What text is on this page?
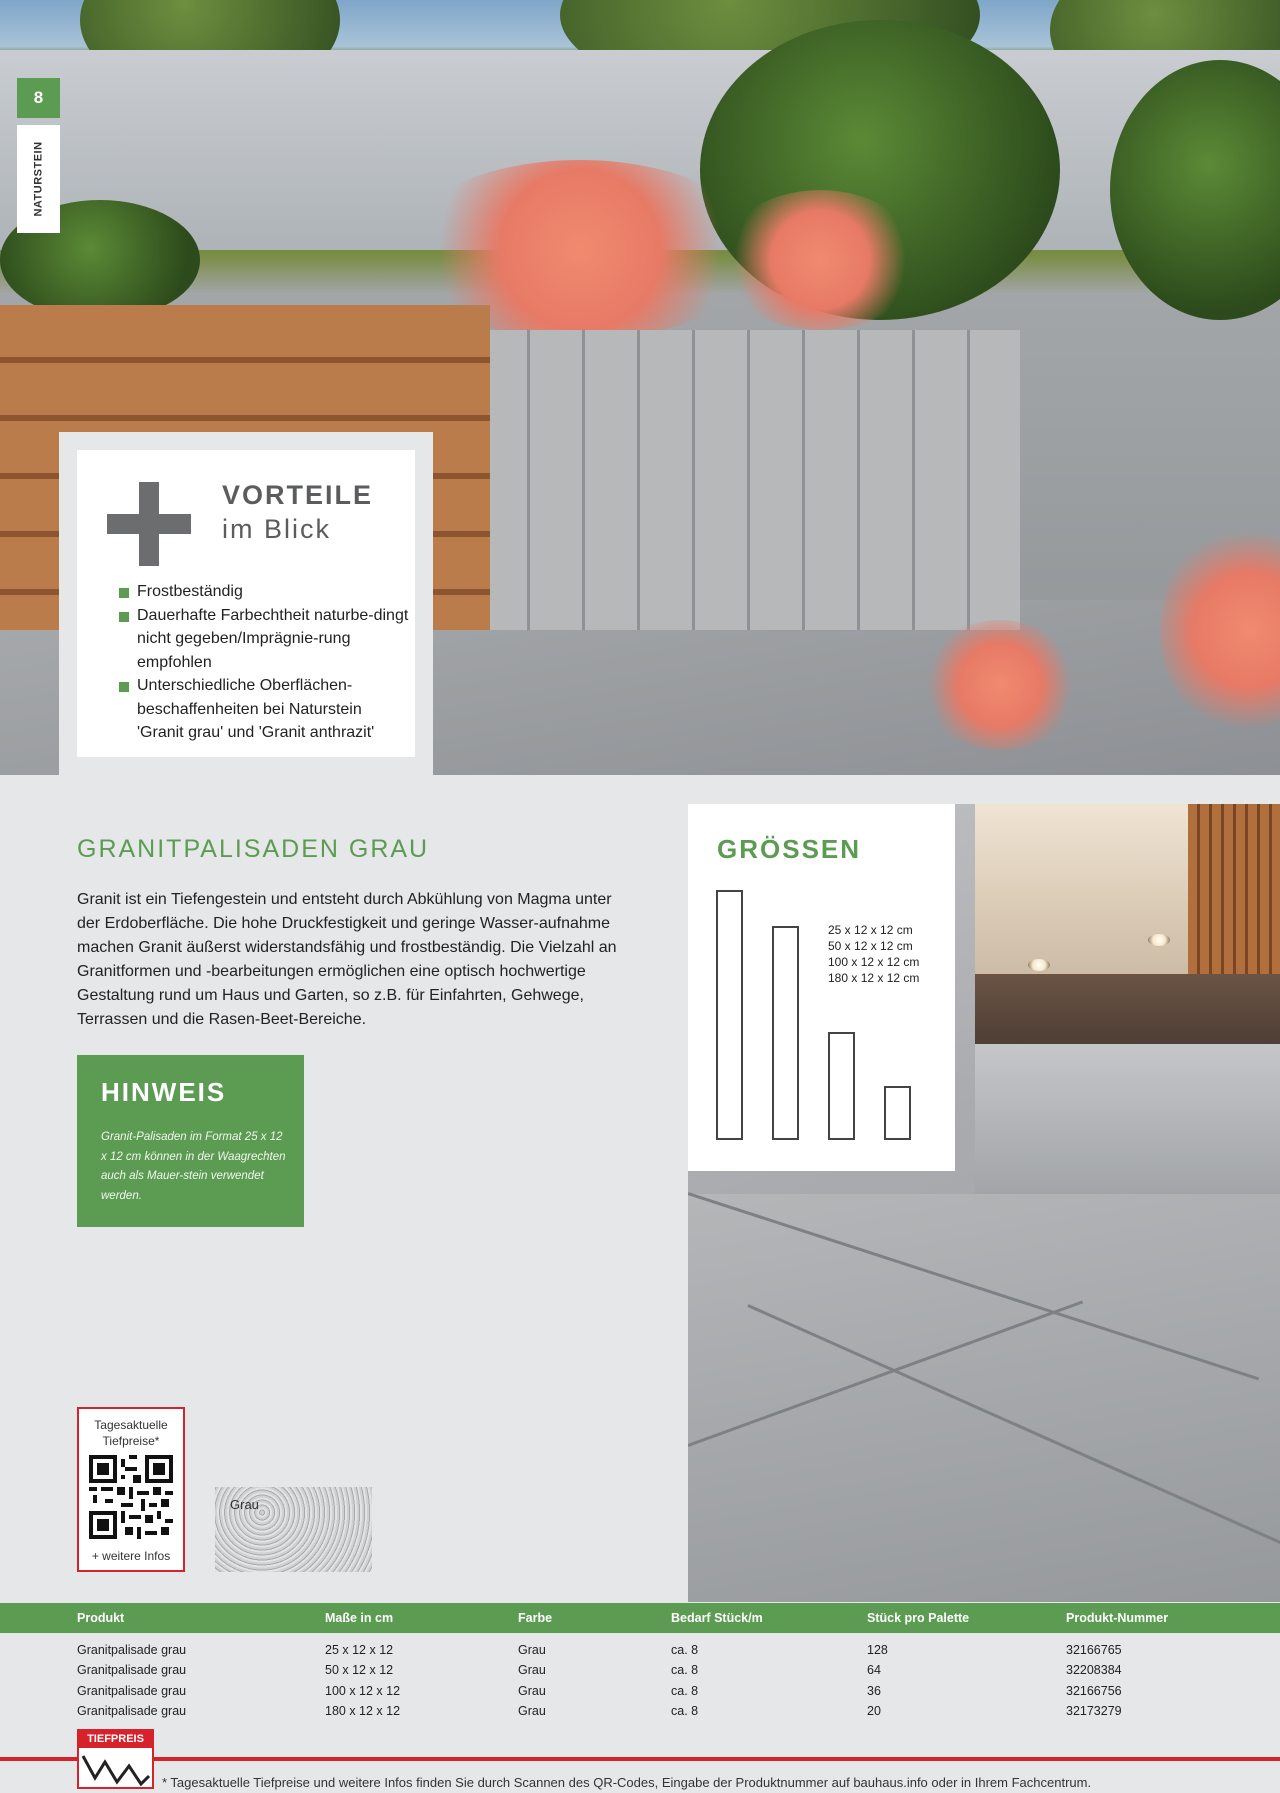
8
NATURSTEIN
VORTEILE
im Blick
Frostbeständig
Dauerhafte Farbechtheit naturbe-dingt nicht gegeben/Imprägnie-rung empfohlen
Unterschiedliche Oberflächen-beschaffenheiten bei Naturstein 'Granit grau' und 'Granit anthrazit'
GRANITPALISADEN GRAU
Granit ist ein Tiefengestein und entsteht durch Abkühlung von Magma unter der Erdoberfläche. Die hohe Druckfestigkeit und geringe Wasser-aufnahme machen Granit äußerst widerstandsfähig und frostbeständig. Die Vielzahl an Granitformen und -bearbeitungen ermöglichen eine optisch hochwertige Gestaltung rund um Haus und Garten, so z.B. für Einfahrten, Gehwege, Terrassen und die Rasen-Beet-Bereiche.
HINWEIS
Granit-Palisaden im Format 25 x 12 x 12 cm können in der Waagrechten auch als Mauer-stein verwendet werden.
GRÖSSEN
25 x 12 x 12 cm
50 x 12 x 12 cm
100 x 12 x 12 cm
180 x 12 x 12 cm
Tagesaktuelle Tiefpreise*
+ weitere Infos
Grau
Produkt	Maße in cm	Farbe	Bedarf Stück/m	Stück pro Palette	Produkt-Nummer
Granitpalisade grau	25 x 12 x 12	Grau	ca. 8	128	32166765
Granitpalisade grau	50 x 12 x 12	Grau	ca. 8	64	32208384
Granitpalisade grau	100 x 12 x 12	Grau	ca. 8	36	32166756
Granitpalisade grau	180 x 12 x 12	Grau	ca. 8	20	32173279
TIEFPREIS
* Tagesaktuelle Tiefpreise und weitere Infos finden Sie durch Scannen des QR-Codes, Eingabe der Produktnummer auf bauhaus.info oder in Ihrem Fachcentrum.
